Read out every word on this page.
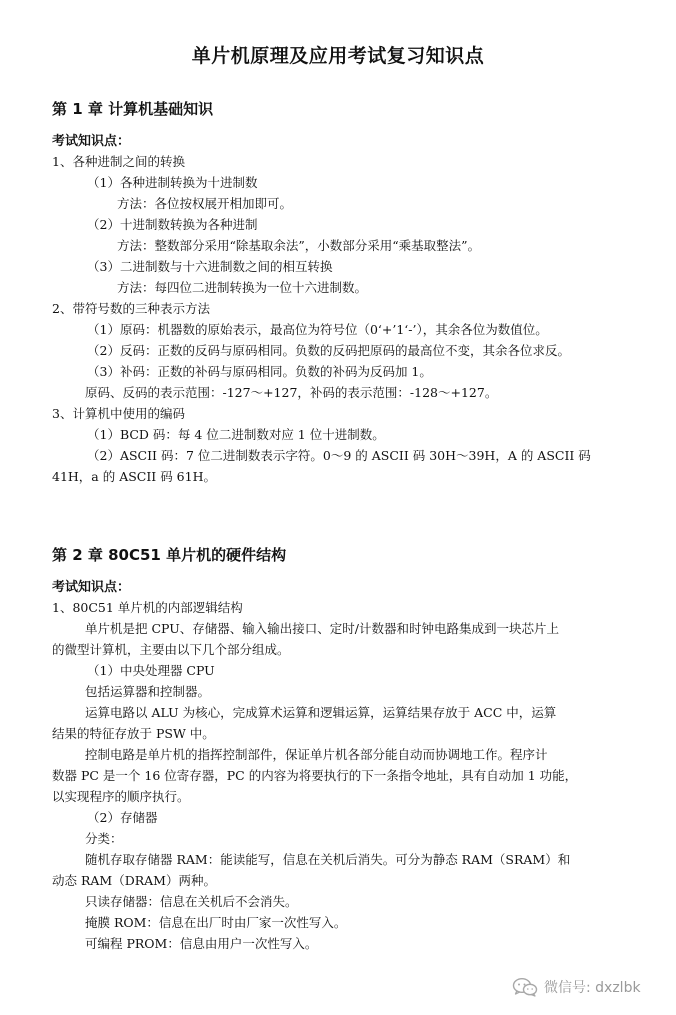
单片机原理及应用考试复习知识点
第 1 章 计算机基础知识
考试知识点：
1、各种进制之间的转换
（1）各种进制转换为十进制数
方法：各位按权展开相加即可。
（2）十进制数转换为各种进制
方法：整数部分采用“除基取余法”，小数部分采用“乘基取整法”。
（3）二进制数与十六进制数之间的相互转换
方法：每四位二进制转换为一位十六进制数。
2、带符号数的三种表示方法
（1）原码：机器数的原始表示，最高位为符号位（0‘+’1‘-’），其余各位为数值位。
（2）反码：正数的反码与原码相同。负数的反码把原码的最高位不变，其余各位求反。
（3）补码：正数的补码与原码相同。负数的补码为反码加 1。
原码、反码的表示范围：-127～+127，补码的表示范围：-128～+127。
3、计算机中使用的编码
（1）BCD 码：每 4 位二进制数对应 1 位十进制数。
（2）ASCII 码：7 位二进制数表示字符。0～9 的 ASCII 码 30H～39H，A 的 ASCII 码
41H，a 的 ASCII 码 61H。
第 2 章 80C51 单片机的硬件结构
考试知识点：
1、80C51 单片机的内部逻辑结构
单片机是把 CPU、存储器、输入输出接口、定时/计数器和时钟电路集成到一块芯片上
的微型计算机，主要由以下几个部分组成。
（1）中央处理器 CPU
包括运算器和控制器。
运算电路以 ALU 为核心，完成算术运算和逻辑运算，运算结果存放于 ACC 中，运算
结果的特征存放于 PSW 中。
控制电路是单片机的指挥控制部件，保证单片机各部分能自动而协调地工作。程序计
数器 PC 是一个 16 位寄存器，PC 的内容为将要执行的下一条指令地址，具有自动加 1 功能，
以实现程序的顺序执行。
（2）存储器
分类：
随机存取存储器 RAM：能读能写，信息在关机后消失。可分为静态 RAM（SRAM）和
动态 RAM（DRAM）两种。
只读存储器：信息在关机后不会消失。
掩膜 ROM：信息在出厂时由厂家一次性写入。
可编程 PROM：信息由用户一次性写入。
微信号: dxzlbk
